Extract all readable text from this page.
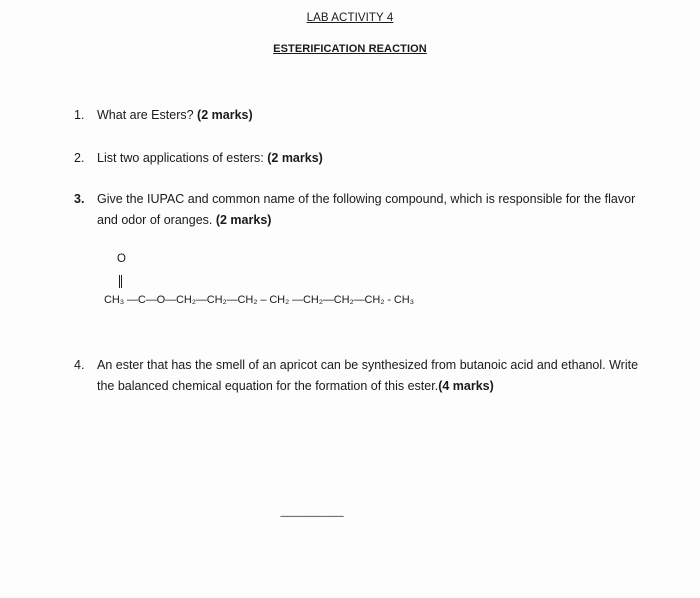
LAB ACTIVITY 4
ESTERIFICATION REACTION
1. What are Esters? (2 marks)
2. List two applications of esters: (2 marks)
3. Give the IUPAC and common name of the following compound, which is responsible for the flavor and odor of oranges. (2 marks)
O
CH₃ —C—O—CH₂—CH₂—CH₂ – CH₂ —CH₂—CH₂—CH₂ - CH₃
4. An ester that has the smell of an apricot can be synthesized from butanoic acid and ethanol. Write the balanced chemical equation for the formation of this ester.(4 marks)
-------------------------------------
